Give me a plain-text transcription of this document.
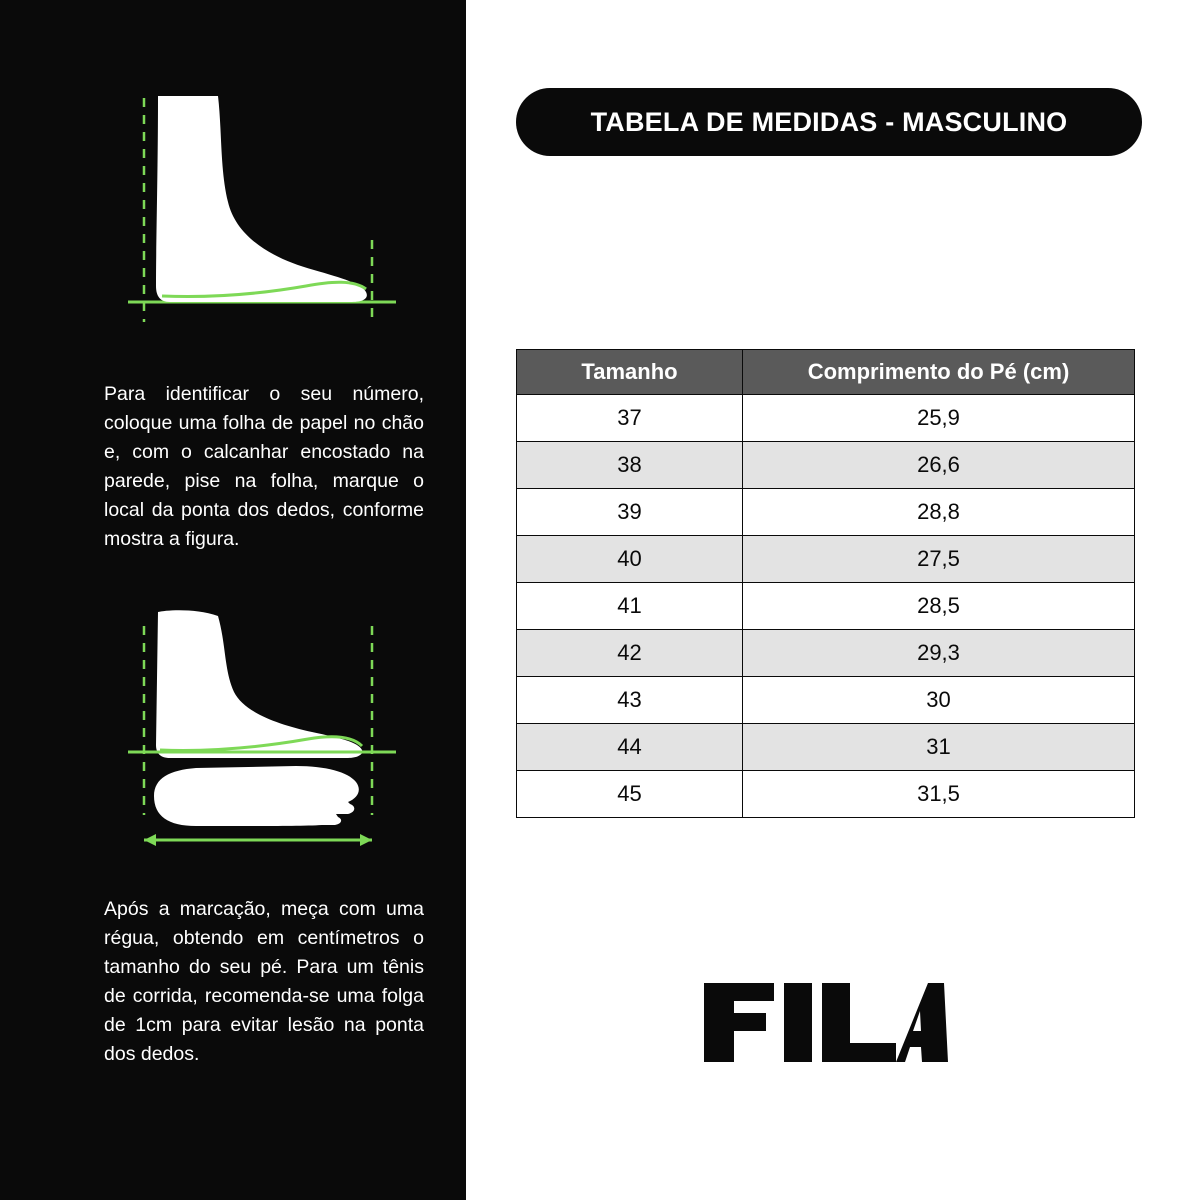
Para identificar o seu número, coloque uma folha de papel no chão e, com o calcanhar encostado na parede, pise na folha, marque o local da ponta dos dedos, conforme mostra a figura.

Após a marcação, meça com uma régua, obtendo em centímetros o tamanho do seu pé. Para um tênis de corrida, recomenda-se uma folga de 1cm para evitar lesão na ponta dos dedos.

TABELA DE MEDIDAS - MASCULINO
Tamanho	Comprimento do Pé (cm)
37	25,9
38	26,6
39	28,8
40	27,5
41	28,5
42	29,3
43	30
44	31
45	31,5
